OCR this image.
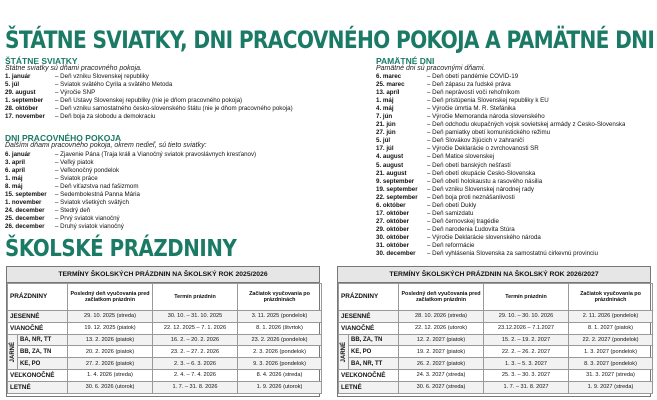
ŠTÁTNE SVIATKY, DNI PRACOVNÉHO POKOJA A PAMÄTNÉ DNI
ŠTÁTNE SVIATKY
Štátne sviatky sú dňami pracovného pokoja.
1. január	– Deň vzniku Slovenskej republiky
5. júl	– Sviatok svätého Cyrila a svätého Metoda
29. august	– Výročie SNP
1. september – Deň Ústavy Slovenskej republiky (nie je dňom pracovného pokoja)
28. október	– Deň vzniku samostatného česko-slovenského štátu (nie je dňom pracovného pokoja)
17. november – Deň boja za slobodu a demokraciu
DNI PRACOVNÉHO POKOJA
Ďalšími dňami pracovného pokoja, okrem nedieľ, sú tieto sviatky:
6. január	– Zjavenie Pána (Traja králi a Vianočný sviatok pravoslávnych kresťanov)
3. apríl	– Veľký piatok
6. apríl	– Veľkonočný pondelok
1. máj	– Sviatok práce
8. máj	– Deň víťazstva nad fašizmom
15. september – Sedembolestná Panna Mária
1. november – Sviatok všetkých svätých
24. december – Štedrý deň
25. december – Prvý sviatok vianočný
26. december – Druhý sviatok vianočný
PAMÄTNÉ DNI
Pamätné dni sú pracovnými dňami.
6. marec	– Deň obetí pandémie COVID-19
25. marec	– Deň zápasu za ľudské práva
13. apríl	– Deň neprávostí voči rehoľníkom
1. máj	– Deň pristúpenia Slovenskej republiky k EÚ
4. máj	– Výročie úmrtia M. R. Štefánika
7. jún	– Výročie Memoranda národa slovenského
21. jún	– Deň odchodu okupačných vojsk sovietskej armády z Česko-Slovenska
27. jún	– Deň pamiatky obetí komunistického režimu
5. júl	– Deň Slovákov žijúcich v zahraničí
17. júl	– Výročie Deklarácie o zvrchovanosti SR
4. august	– Deň Matice slovenskej
5. august	– Deň obetí banských nešťastí
21. august	– Deň obetí okupácie Česko-Slovenska
9. september – Deň obetí holokaustu a rasového násilia
19. september – Deň vzniku Slovenskej národnej rady
22. september – Deň boja proti neznášanlivosti
6. október	– Deň obetí Dukly
17. október	– Deň samizdatu
27. október	– Deň černovskej tragédie
29. október	– Deň narodenia Ľudovíta Štúra
30. október	– Výročie Deklarácie slovenského národa
31. október	– Deň reformácie
30. december – Deň vyhlásenia Slovenska za samostatnú cirkevnú provinciu
ŠKOLSKÉ PRÁZDNINY
TERMÍNY ŠKOLSKÝCH PRÁZDNIN NA ŠKOLSKÝ ROK 2025/2026
PRÁZDNINY		Posledný deň vyučovania pred začiatkom prázdnin	Termín prázdnin	Začiatok vyučovania po prázdninách
JESENNÉ		29. 10. 2025 (streda)	30. 10. – 31. 10. 2025	3. 11. 2025 (pondelok)
VIANOČNÉ		19. 12. 2025 (piatok)	22. 12. 2025 – 7. 1. 2026	8. 1. 2026 (štvrtok)

JARNÉ	BA, NR, TT	13. 2. 2026 (piatok)	16. 2. – 20. 2. 2026	23. 2. 2026 (pondelok)
	BB, ZA, TN	20. 2. 2026 (piatok)	23. 2. – 27. 2. 2026	2. 3. 2026 (pondelok)
	KE, PO	27. 2. 2026 (piatok)	2. 3. – 6. 3. 2026	9. 3. 2026 (pondelok)
VEĽKONOČNÉ		1. 4. 2026 (streda)	2. 4. – 7. 4. 2026	8. 4. 2026 (streda)
LETNÉ		30. 6. 2026 (utorok)	1. 7. – 31. 8. 2026	1. 9. 2026 (utorok)
TERMÍNY ŠKOLSKÝCH PRÁZDNIN NA ŠKOLSKÝ ROK 2026/2027
PRÁZDNINY		Posledný deň vyučovania pred začiatkom prázdnin	Termín prázdnin	Začiatok vyučovania po prázdninách
JESENNÉ		28. 10. 2026 (streda)	29. 10. – 30. 10. 2026	2. 11. 2026 (pondelok)
VIANOČNÉ		22. 12. 2026 (utorok)	23.12.2026 – 7.1.2027	8. 1. 2027 (piatok)

JARNÉ	BB, ZA, TN	12. 2. 2027 (piatok)	15. 2. – 19. 2. 2027	22. 2. 2027 (pondelok)
	KE, PO	19. 2. 2027 (piatok)	22. 2. – 26. 2. 2027	1. 3. 2027 (pondelok)
	BA, NR, TT	26. 2. 2027 (piatok)	1. 3. – 5. 3. 2027	8. 3. 2027 (pondelok)
VEĽKONOČNÉ		24. 3. 2027 (streda)	25. 3. – 30. 3. 2027	31. 3. 2027 (streda)
LETNÉ		30. 6. 2027 (streda)	1. 7. – 31. 8. 2027	1. 9. 2027 (streda)
